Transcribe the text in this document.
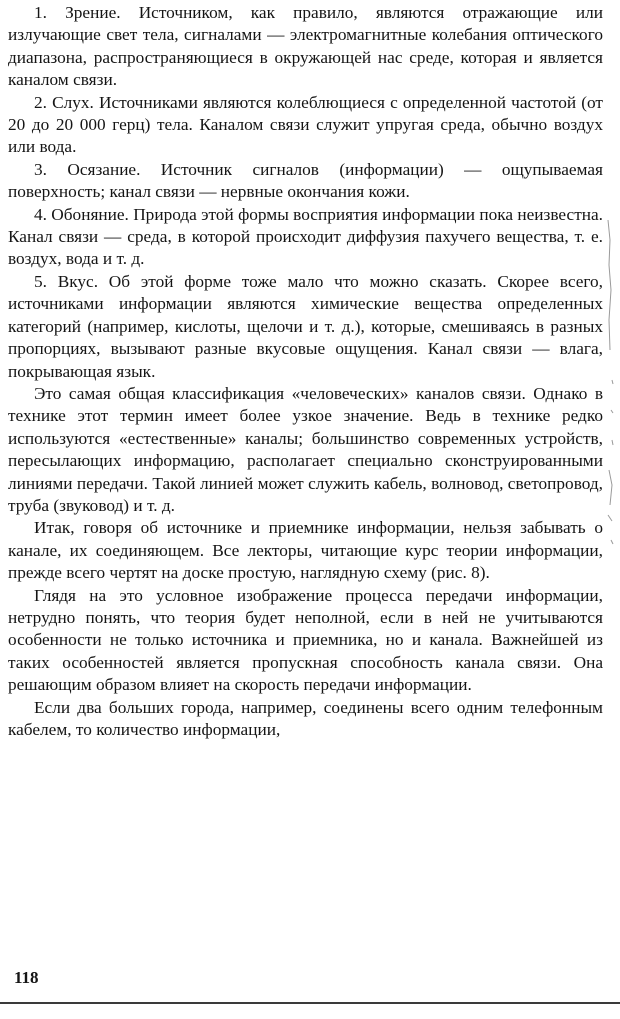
1. Зрение. Источником, как правило, являются отражающие или излучающие свет тела, сигналами — электромагнитные колебания оптического диапазона, распространяющиеся в окружающей нас среде, которая и является каналом связи.

2. Слух. Источниками являются колеблющиеся с определенной частотой (от 20 до 20 000 герц) тела. Каналом связи служит упругая среда, обычно воздух или вода.

3. Осязание. Источник сигналов (информации) — ощупываемая поверхность; канал связи — нервные окончания кожи.

4. Обоняние. Природа этой формы восприятия информации пока неизвестна. Канал связи — среда, в которой происходит диффузия пахучего вещества, т. е. воздух, вода и т. д.

5. Вкус. Об этой форме тоже мало что можно сказать. Скорее всего, источниками информации являются химические вещества определенных категорий (например, кислоты, щелочи и т. д.), которые, смешиваясь в разных пропорциях, вызывают разные вкусовые ощущения. Канал связи — влага, покрывающая язык.

Это самая общая классификация «человеческих» каналов связи. Однако в технике этот термин имеет более узкое значение. Ведь в технике редко используются «естественные» каналы; большинство современных устройств, пересылающих информацию, располагает специально сконструированными линиями передачи. Такой линией может служить кабель, волновод, светопровод, труба (звуковод) и т. д.

Итак, говоря об источнике и приемнике информации, нельзя забывать о канале, их соединяющем. Все лекторы, читающие курс теории информации, прежде всего чертят на доске простую, наглядную схему (рис. 8).

Глядя на это условное изображение процесса передачи информации, нетрудно понять, что теория будет неполной, если в ней не учитываются особенности не только источника и приемника, но и канала. Важнейшей из таких особенностей является пропускная способность канала связи. Она решающим образом влияет на скорость передачи информации.

Если два больших города, например, соединены всего одним телефонным кабелем, то количество информации,

118
